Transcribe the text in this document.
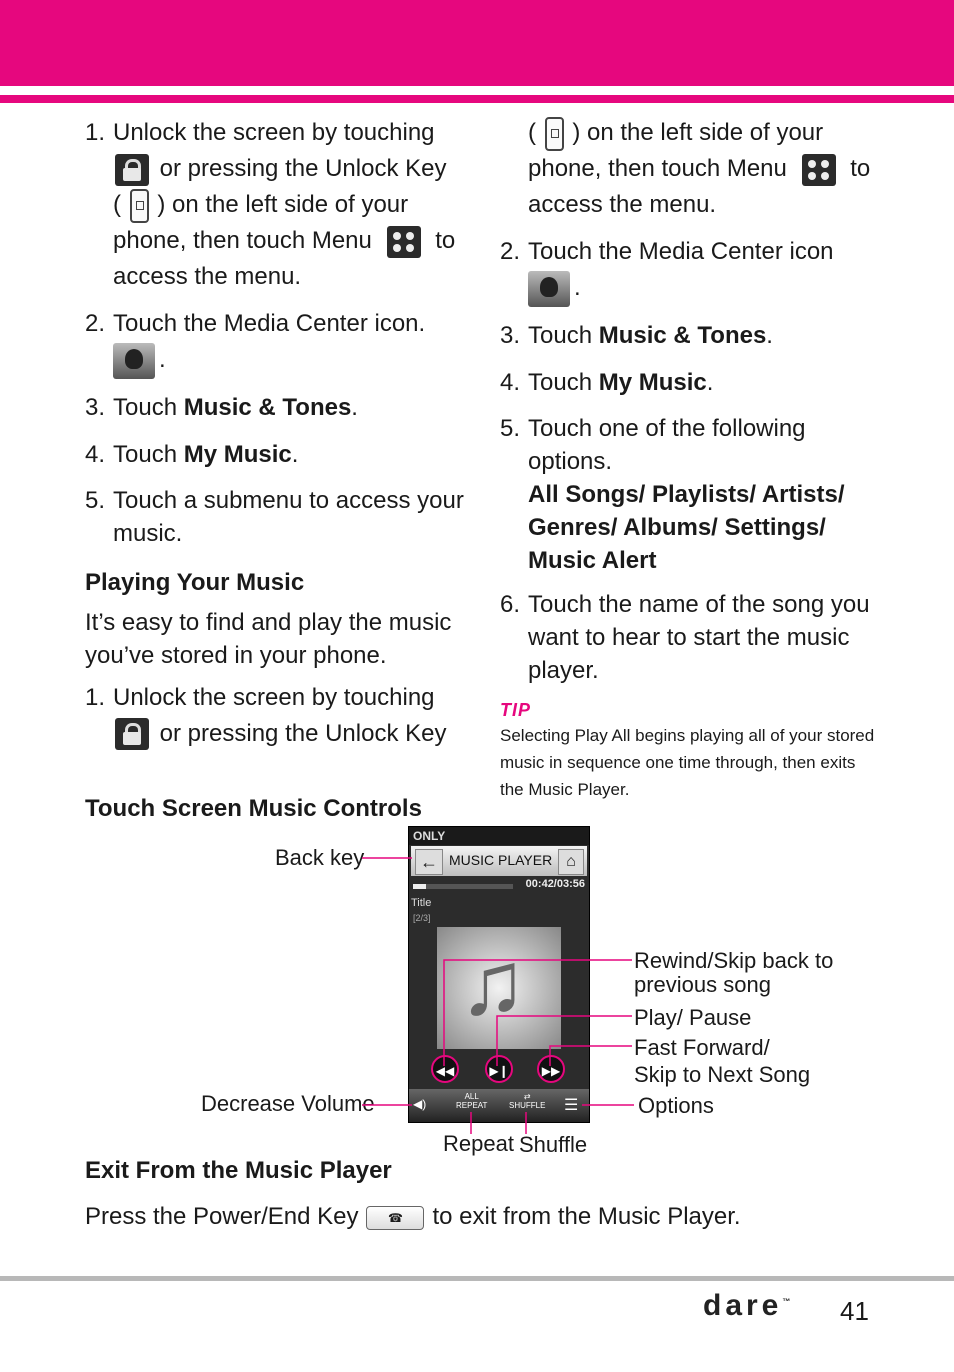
1. Unlock the screen by touching
or pressing the Unlock Key
( ) on the left side of your
phone, then touch Menu	to
access the menu.
2. Touch the Media Center icon.
.
3. Touch Music & Tones.
4. Touch My Music.
5. Touch a submenu to access your music.
Playing Your Music
It’s easy to find and play the music you’ve stored in your phone.
1. Unlock the screen by touching
or pressing the Unlock Key
( ) on the left side of your
phone, then touch Menu	to
access the menu.
2. Touch the Media Center icon
.
3. Touch Music & Tones.
4. Touch My Music.
5. Touch one of the following options.
All Songs/ Playlists/ Artists/ Genres/ Albums/ Settings/ Music Alert
6. Touch the name of the song you want to hear to start the music player.
TIP
Selecting Play All begins playing all of your stored music in sequence one time through, then exits the Music Player.
Touch Screen Music Controls
Back key
Rewind/Skip back to previous song
Play/ Pause
Fast Forward/
Skip to Next Song
Decrease Volume	Options
Repeat Shuffle
ONLY
← MUSIC PLAYER ⌂
00:42/03:56
Title
[2/3]
♫
◀◀	▶❙	▶▶
◀)
ALL
REPEAT
⇄
SHUFFLE ☰
Exit From the Music Player
Press the Power/End Key ☎ to exit from the Music Player.
dare™ 41
